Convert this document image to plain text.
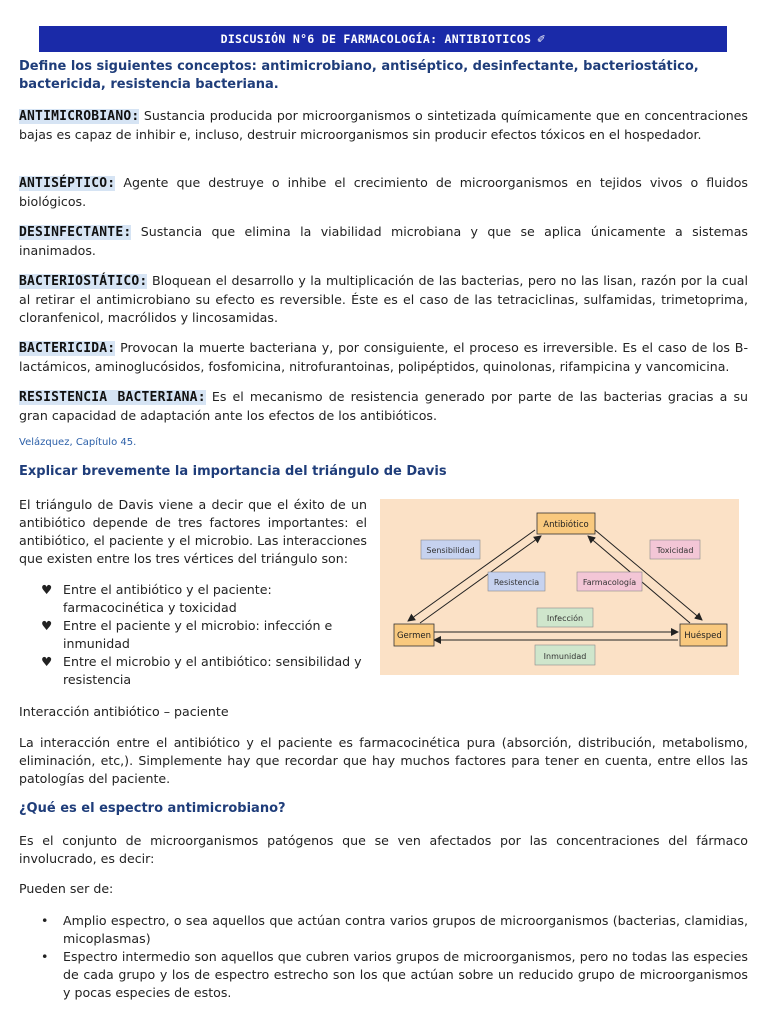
DISCUSIÓN N°6 DE FARMACOLOGÍA: ANTIBIOTICOS ✐
Define los siguientes conceptos: antimicrobiano, antiséptico, desinfectante, bacteriostático, bactericida, resistencia bacteriana.
ANTIMICROBIANO: Sustancia producida por microorganismos o sintetizada químicamente que en concentraciones bajas es capaz de inhibir e, incluso, destruir microorganismos sin producir efectos tóxicos en el hospedador.
ANTISÉPTICO: Agente que destruye o inhibe el crecimiento de microorganismos en tejidos vivos o fluidos biológicos.
DESINFECTANTE: Sustancia que elimina la viabilidad microbiana y que se aplica únicamente a sistemas inanimados.
BACTERIOSTÁTICO: Bloquean el desarrollo y la multiplicación de las bacterias, pero no las lisan, razón por la cual al retirar el antimicrobiano su efecto es reversible. Éste es el caso de las tetraciclinas, sulfamidas, trimetoprima, cloranfenicol, macrólidos y lincosamidas.
BACTERICIDA: Provocan la muerte bacteriana y, por consiguiente, el proceso es irreversible. Es el caso de los B-lactámicos, aminoglucósidos, fosfomicina, nitrofurantoinas, polipéptidos, quinolonas, rifampicina y vancomicina.
RESISTENCIA BACTERIANA: Es el mecanismo de resistencia generado por parte de las bacterias gracias a su gran capacidad de adaptación ante los efectos de los antibióticos.
Velázquez, Capítulo 45.
Explicar brevemente la importancia del triángulo de Davis
El triángulo de Davis viene a decir que el éxito de un antibiótico depende de tres factores importantes: el antibiótico, el paciente y el microbio. Las interacciones que existen entre los tres vértices del triángulo son:
♥ Entre el antibiótico y el paciente: farmacocinética y toxicidad
♥ Entre el paciente y el microbio: infección e inmunidad
♥ Entre el microbio y el antibiótico: sensibilidad y resistencia
Antibiótico
Germen	Huésped
Sensibilidad
Resistencia	Farmacología
Toxicidad
Infección
Inmunidad
Interacción antibiótico – paciente
La interacción entre el antibiótico y el paciente es farmacocinética pura (absorción, distribución, metabolismo, eliminación, etc,). Simplemente hay que recordar que hay muchos factores para tener en cuenta, entre ellos las patologías del paciente.
¿Qué es el espectro antimicrobiano?
Es el conjunto de microorganismos patógenos que se ven afectados por las concentraciones del fármaco involucrado, es decir:
Pueden ser de:
• Amplio espectro, o sea aquellos que actúan contra varios grupos de microorganismos (bacterias, clamidias, micoplasmas)
• Espectro intermedio son aquellos que cubren varios grupos de microorganismos, pero no todas las especies de cada grupo y los de espectro estrecho son los que actúan sobre un reducido grupo de microorganismos y pocas especies de estos.
